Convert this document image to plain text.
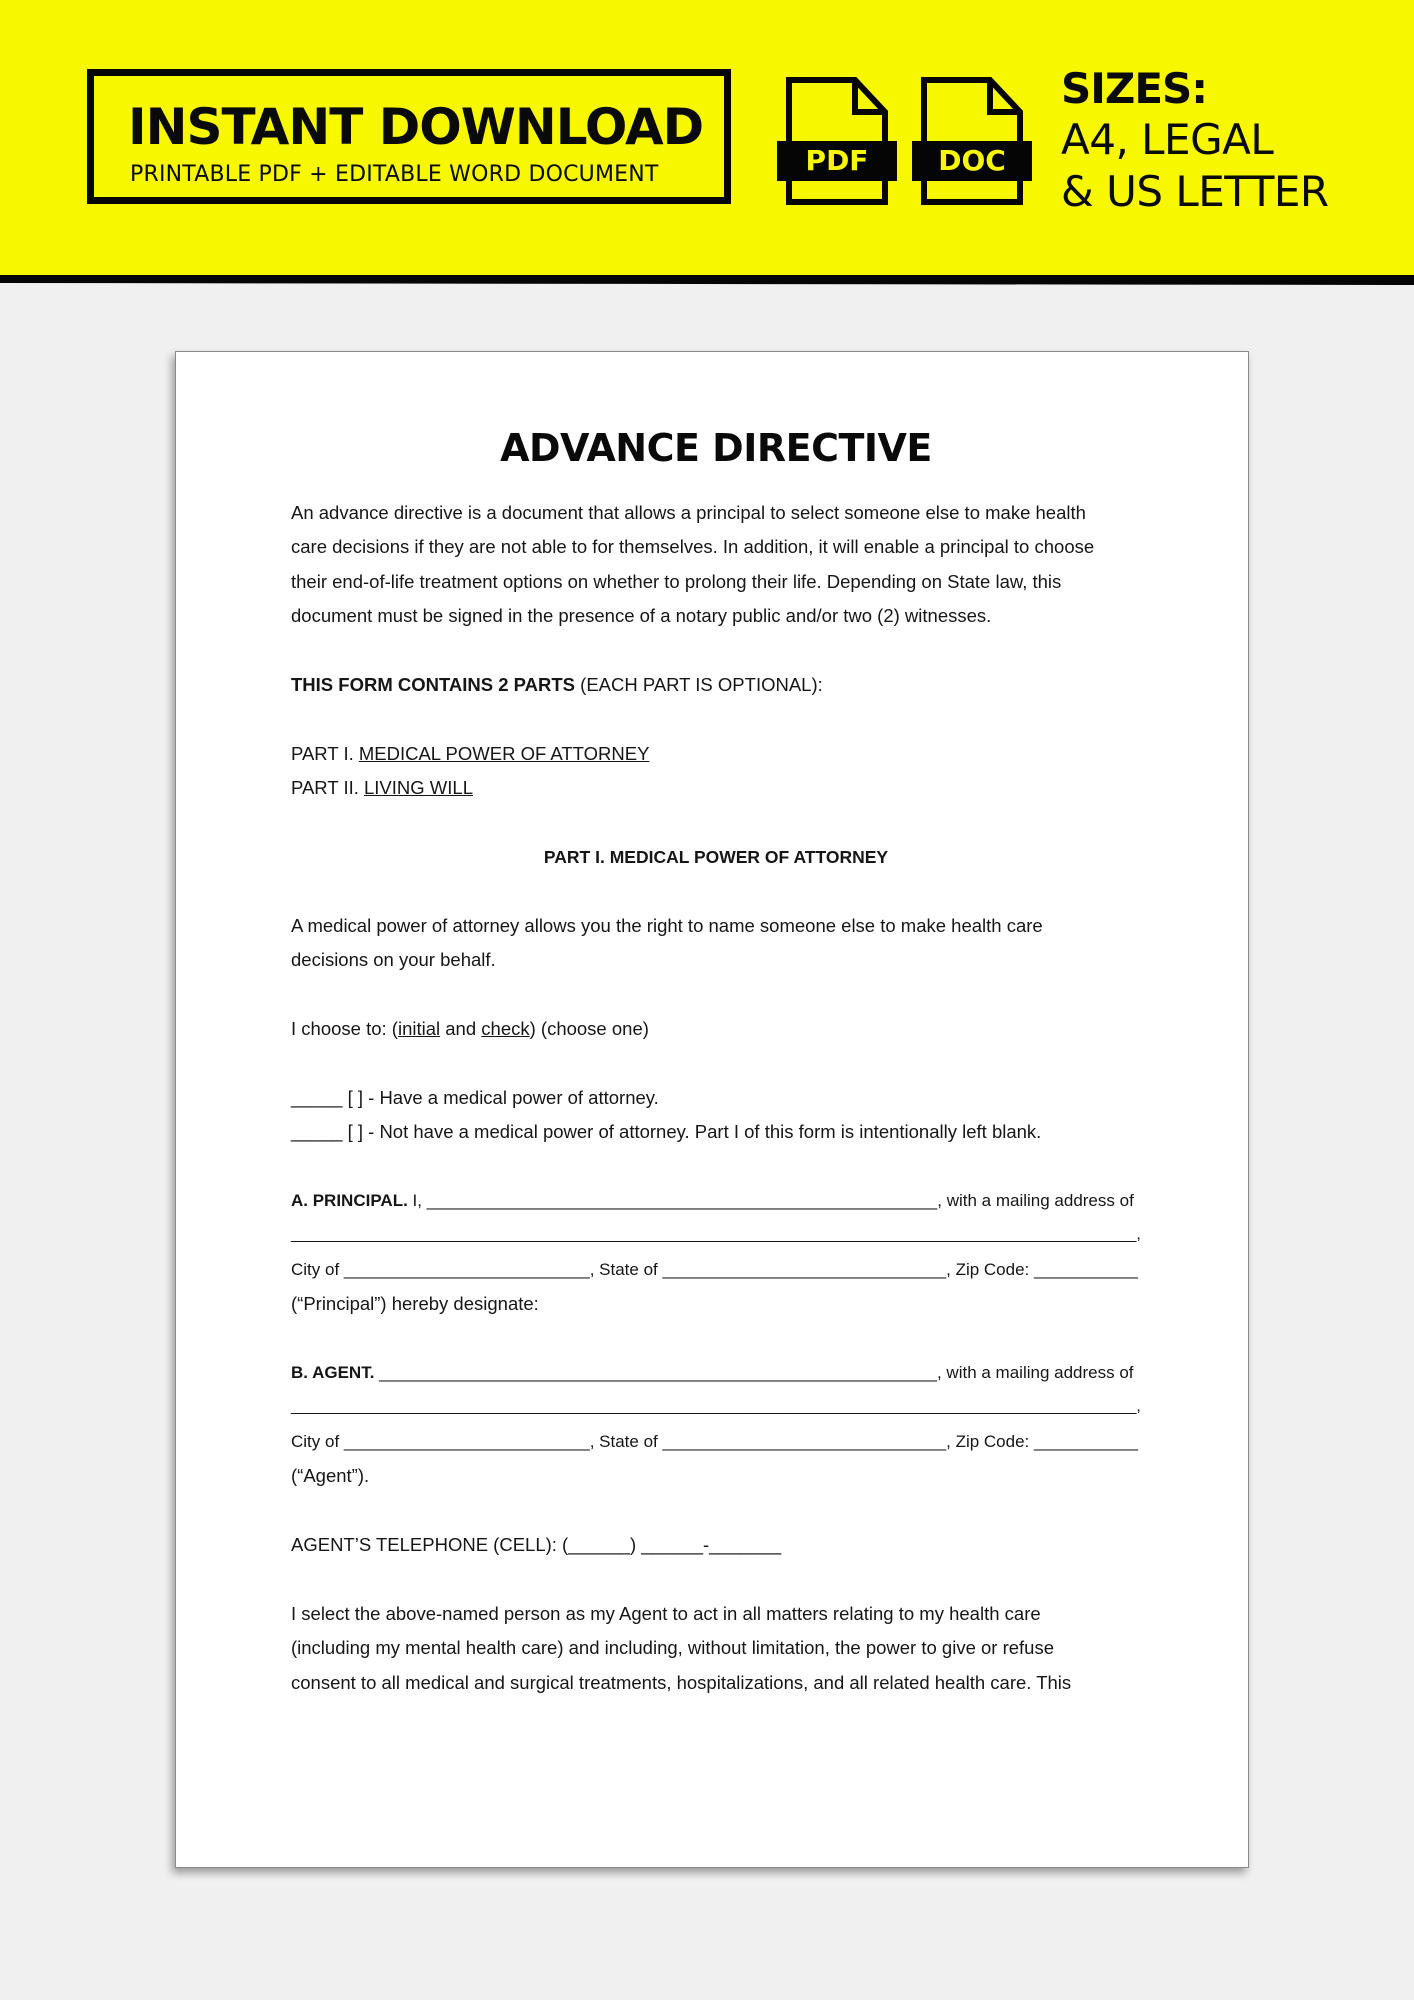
INSTANT DOWNLOAD
PRINTABLE PDF + EDITABLE WORD DOCUMENT	PDF	DOC
SIZES:
A4, LEGAL
& US LETTER
ADVANCE DIRECTIVE
An advance directive is a document that allows a principal to select someone else to make health
care decisions if they are not able to for themselves. In addition, it will enable a principal to choose
their end-of-life treatment options on whether to prolong their life. Depending on State law, this
document must be signed in the presence of a notary public and/or two (2) witnesses.
THIS FORM CONTAINS 2 PARTS (EACH PART IS OPTIONAL):
PART I. MEDICAL POWER OF ATTORNEY
PART II. LIVING WILL
PART I. MEDICAL POWER OF ATTORNEY
A medical power of attorney allows you the right to name someone else to make health care
decisions on your behalf.
I choose to: (initial and check) (choose one)
_____ [ ] - Have a medical power of attorney.
_____ [ ] - Not have a medical power of attorney. Part I of this form is intentionally left blank.
A. PRINCIPAL. I, ______________________________________________________, with a mailing address of
_______________________________________________________________________________________________,
City of __________________________, State of ______________________________, Zip Code: ___________
(“Principal”) hereby designate:
B. AGENT. ___________________________________________________________, with a mailing address of
_______________________________________________________________________________________________,
City of __________________________, State of ______________________________, Zip Code: ___________
(“Agent”).
AGENT’S TELEPHONE (CELL): (______) ______-_______
I select the above-named person as my Agent to act in all matters relating to my health care
(including my mental health care) and including, without limitation, the power to give or refuse
consent to all medical and surgical treatments, hospitalizations, and all related health care. This
